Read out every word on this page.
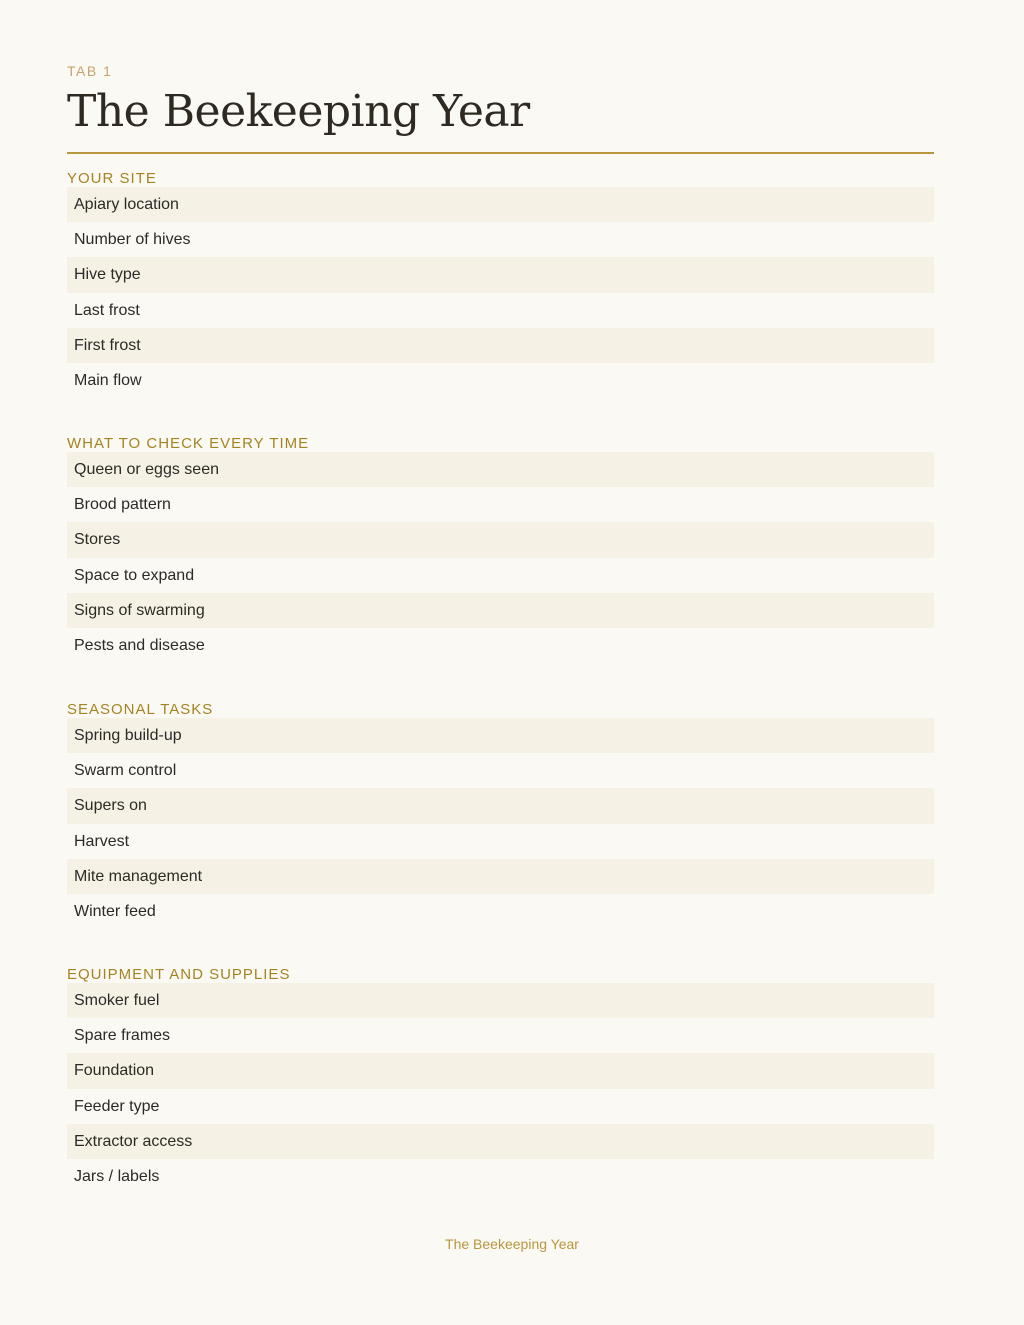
TAB 1
The Beekeeping Year
YOUR SITE
Apiary location
Number of hives
Hive type
Last frost
First frost
Main flow
WHAT TO CHECK EVERY TIME
Queen or eggs seen
Brood pattern
Stores
Space to expand
Signs of swarming
Pests and disease
SEASONAL TASKS
Spring build-up
Swarm control
Supers on
Harvest
Mite management
Winter feed
EQUIPMENT AND SUPPLIES
Smoker fuel
Spare frames
Foundation
Feeder type
Extractor access
Jars / labels
The Beekeeping Year
